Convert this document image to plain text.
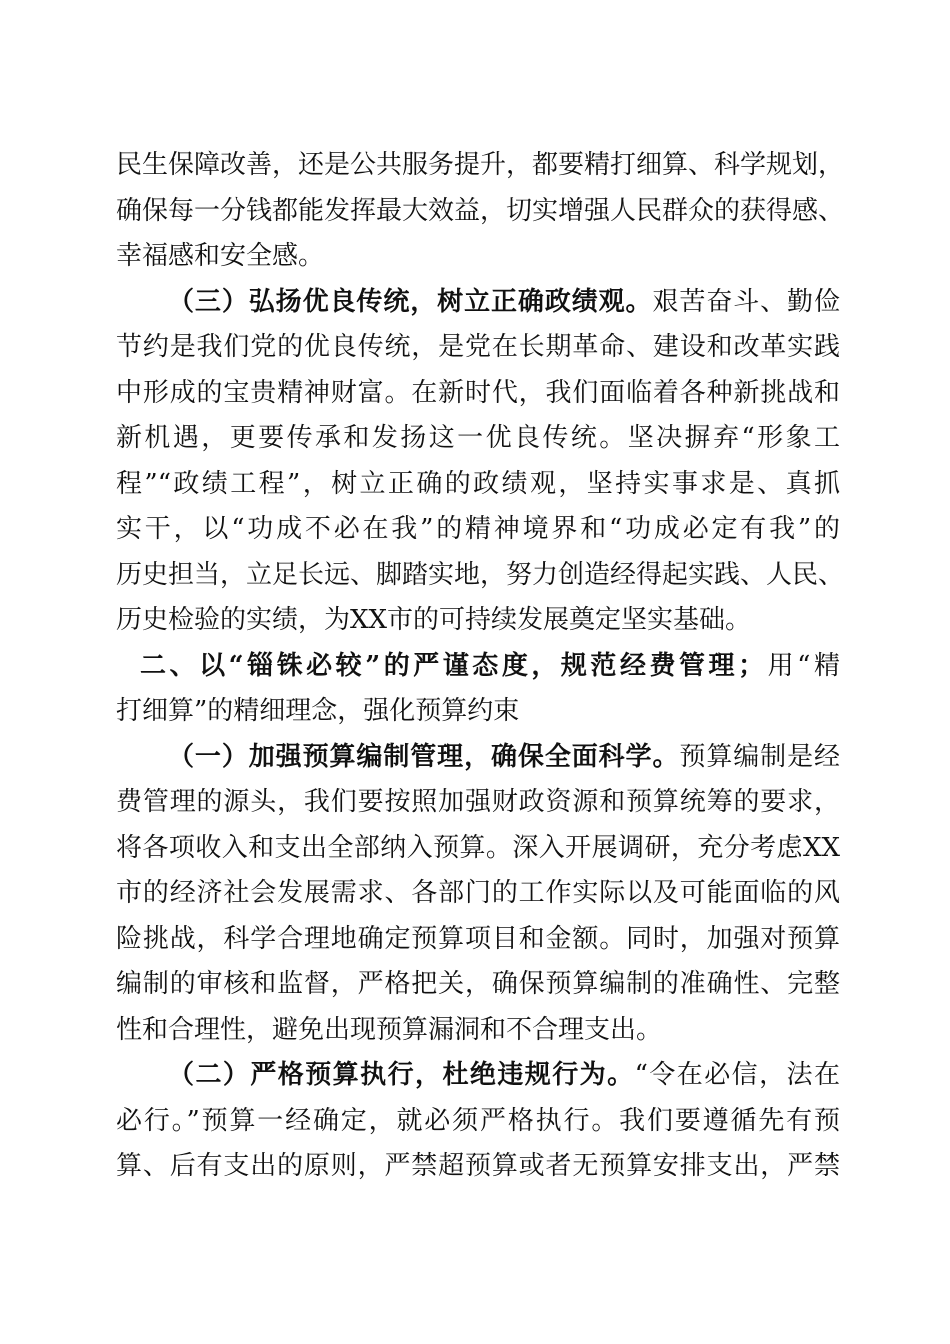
民生保障改善，还是公共服务提升，都要精打细算、科学规划，
确保每一分钱都能发挥最大效益，切实增强人民群众的获得感、
幸福感和安全感。
（三）弘扬优良传统，树立正确政绩观。艰苦奋斗、勤俭
节约是我们党的优良传统，是党在长期革命、建设和改革实践
中形成的宝贵精神财富。在新时代，我们面临着各种新挑战和
新机遇，更要传承和发扬这一优良传统。坚决摒弃“形象工
程”“政绩工程”，树立正确的政绩观，坚持实事求是、真抓
实干，以“功成不必在我”的精神境界和“功成必定有我”的
历史担当，立足长远、脚踏实地，努力创造经得起实践、人民、
历史检验的实绩，为XX市的可持续发展奠定坚实基础。
二、以“锱铢必较”的严谨态度，规范经费管理；用“精
打细算”的精细理念，强化预算约束
（一）加强预算编制管理，确保全面科学。预算编制是经
费管理的源头，我们要按照加强财政资源和预算统筹的要求，
将各项收入和支出全部纳入预算。深入开展调研，充分考虑XX
市的经济社会发展需求、各部门的工作实际以及可能面临的风
险挑战，科学合理地确定预算项目和金额。同时，加强对预算
编制的审核和监督，严格把关，确保预算编制的准确性、完整
性和合理性，避免出现预算漏洞和不合理支出。
（二）严格预算执行，杜绝违规行为。“令在必信，法在
必行。”预算一经确定，就必须严格执行。我们要遵循先有预
算、后有支出的原则，严禁超预算或者无预算安排支出，严禁
